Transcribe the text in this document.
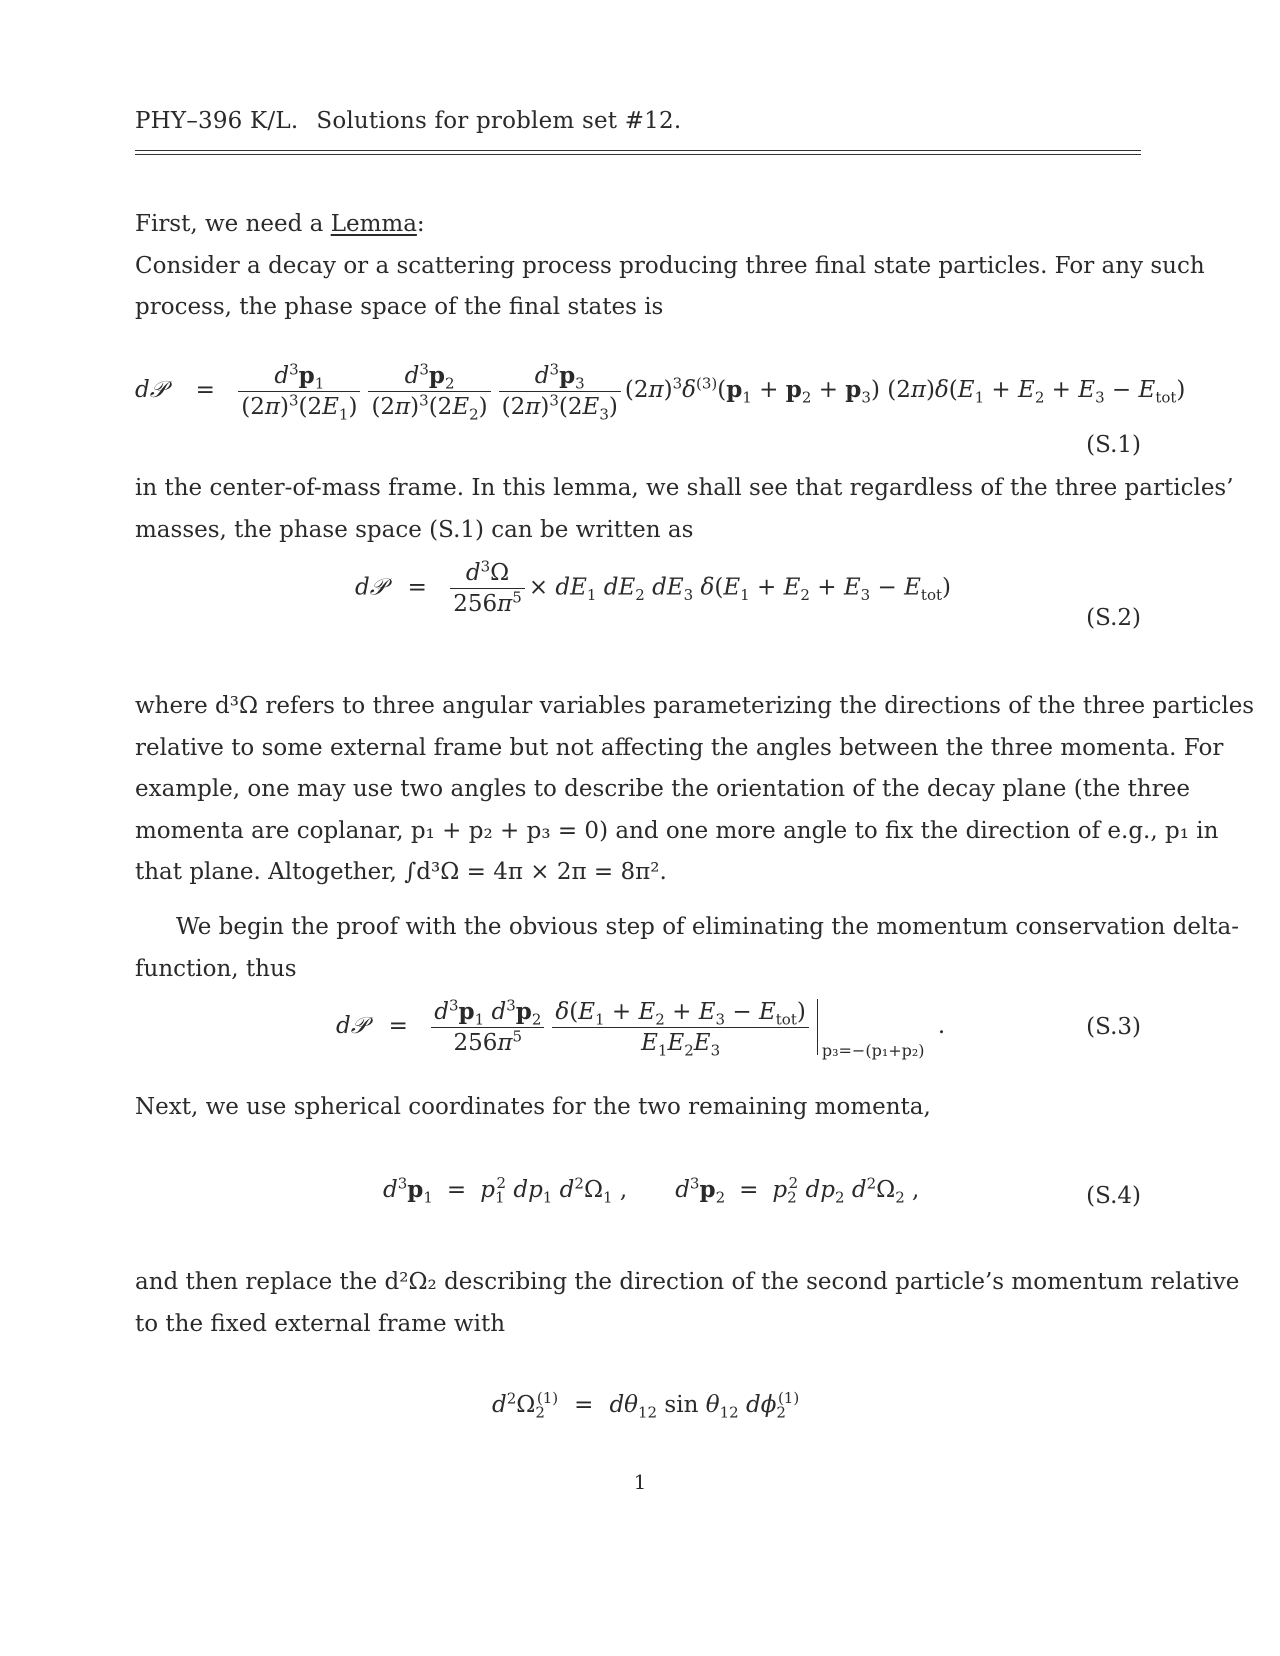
PHY–396 K/L. Solutions for problem set #12.
First, we need a Lemma:
Consider a decay or a scattering process producing three final state particles. For any such
process, the phase space of the final states is
d𝒫 = $\frac{d^3p_1}{(2\pi)^3(2E_1)} \frac{d^3p_2}{(2\pi)^3(2E_2)} \frac{d^3p_3}{(2\pi)^3(2E_3)} (2\pi)^3\delta^{(3)}(p_1 + p_2 + p_3) (2\pi)\delta(E_1 + E_2 + E_3 - E_{tot})$
(S.1)
in the center-of-mass frame. In this lemma, we shall see that regardless of the three particles’
masses, the phase space (S.1) can be written as
d𝒫 = $\frac{d^3\Omega}{256\pi^5} \times dE_1$ $dE_2$ $dE_3$ $\delta(E_1 + E_2 + E_3 - E_{tot})$
(S.2)
where d³Ω refers to three angular variables parameterizing the directions of the three particles
relative to some external frame but not affecting the angles between the three momenta. For
example, one may use two angles to describe the orientation of the decay plane (the three
momenta are coplanar, p₁ + p₂ + p₃ = 0) and one more angle to fix the direction of e.g., p₁ in
that plane. Altogether, ∫d³Ω = 4π × 2π = 8π².
We begin the proof with the obvious step of eliminating the momentum conservation delta-
function, thus
d𝒫 = $\frac{d^3p_1 d^3p_2}{256\pi^5} \frac{\delta(E_1 + E_2 + E_3 - E_{tot})}{E_1E_2E_3} p_3=-(p_1+p_2)$
.	(S.3)
Next, we use spherical coordinates for the two remaining momenta,
$d^3p_1 = p_1^2$ $dp_1$ $d^2\Omega_1$ , $d^3p_2 = p_2^2$ $dp_2$ $d^2\Omega_2$ ,	(S.4)
and then replace the d²Ω₂ describing the direction of the second particle’s momentum relative
to the fixed external frame with
$d^2\Omega_2^{(1)} = d\theta_{12}$ $\sin \theta_{12}$ $d\phi_2^{(1)}$
1
